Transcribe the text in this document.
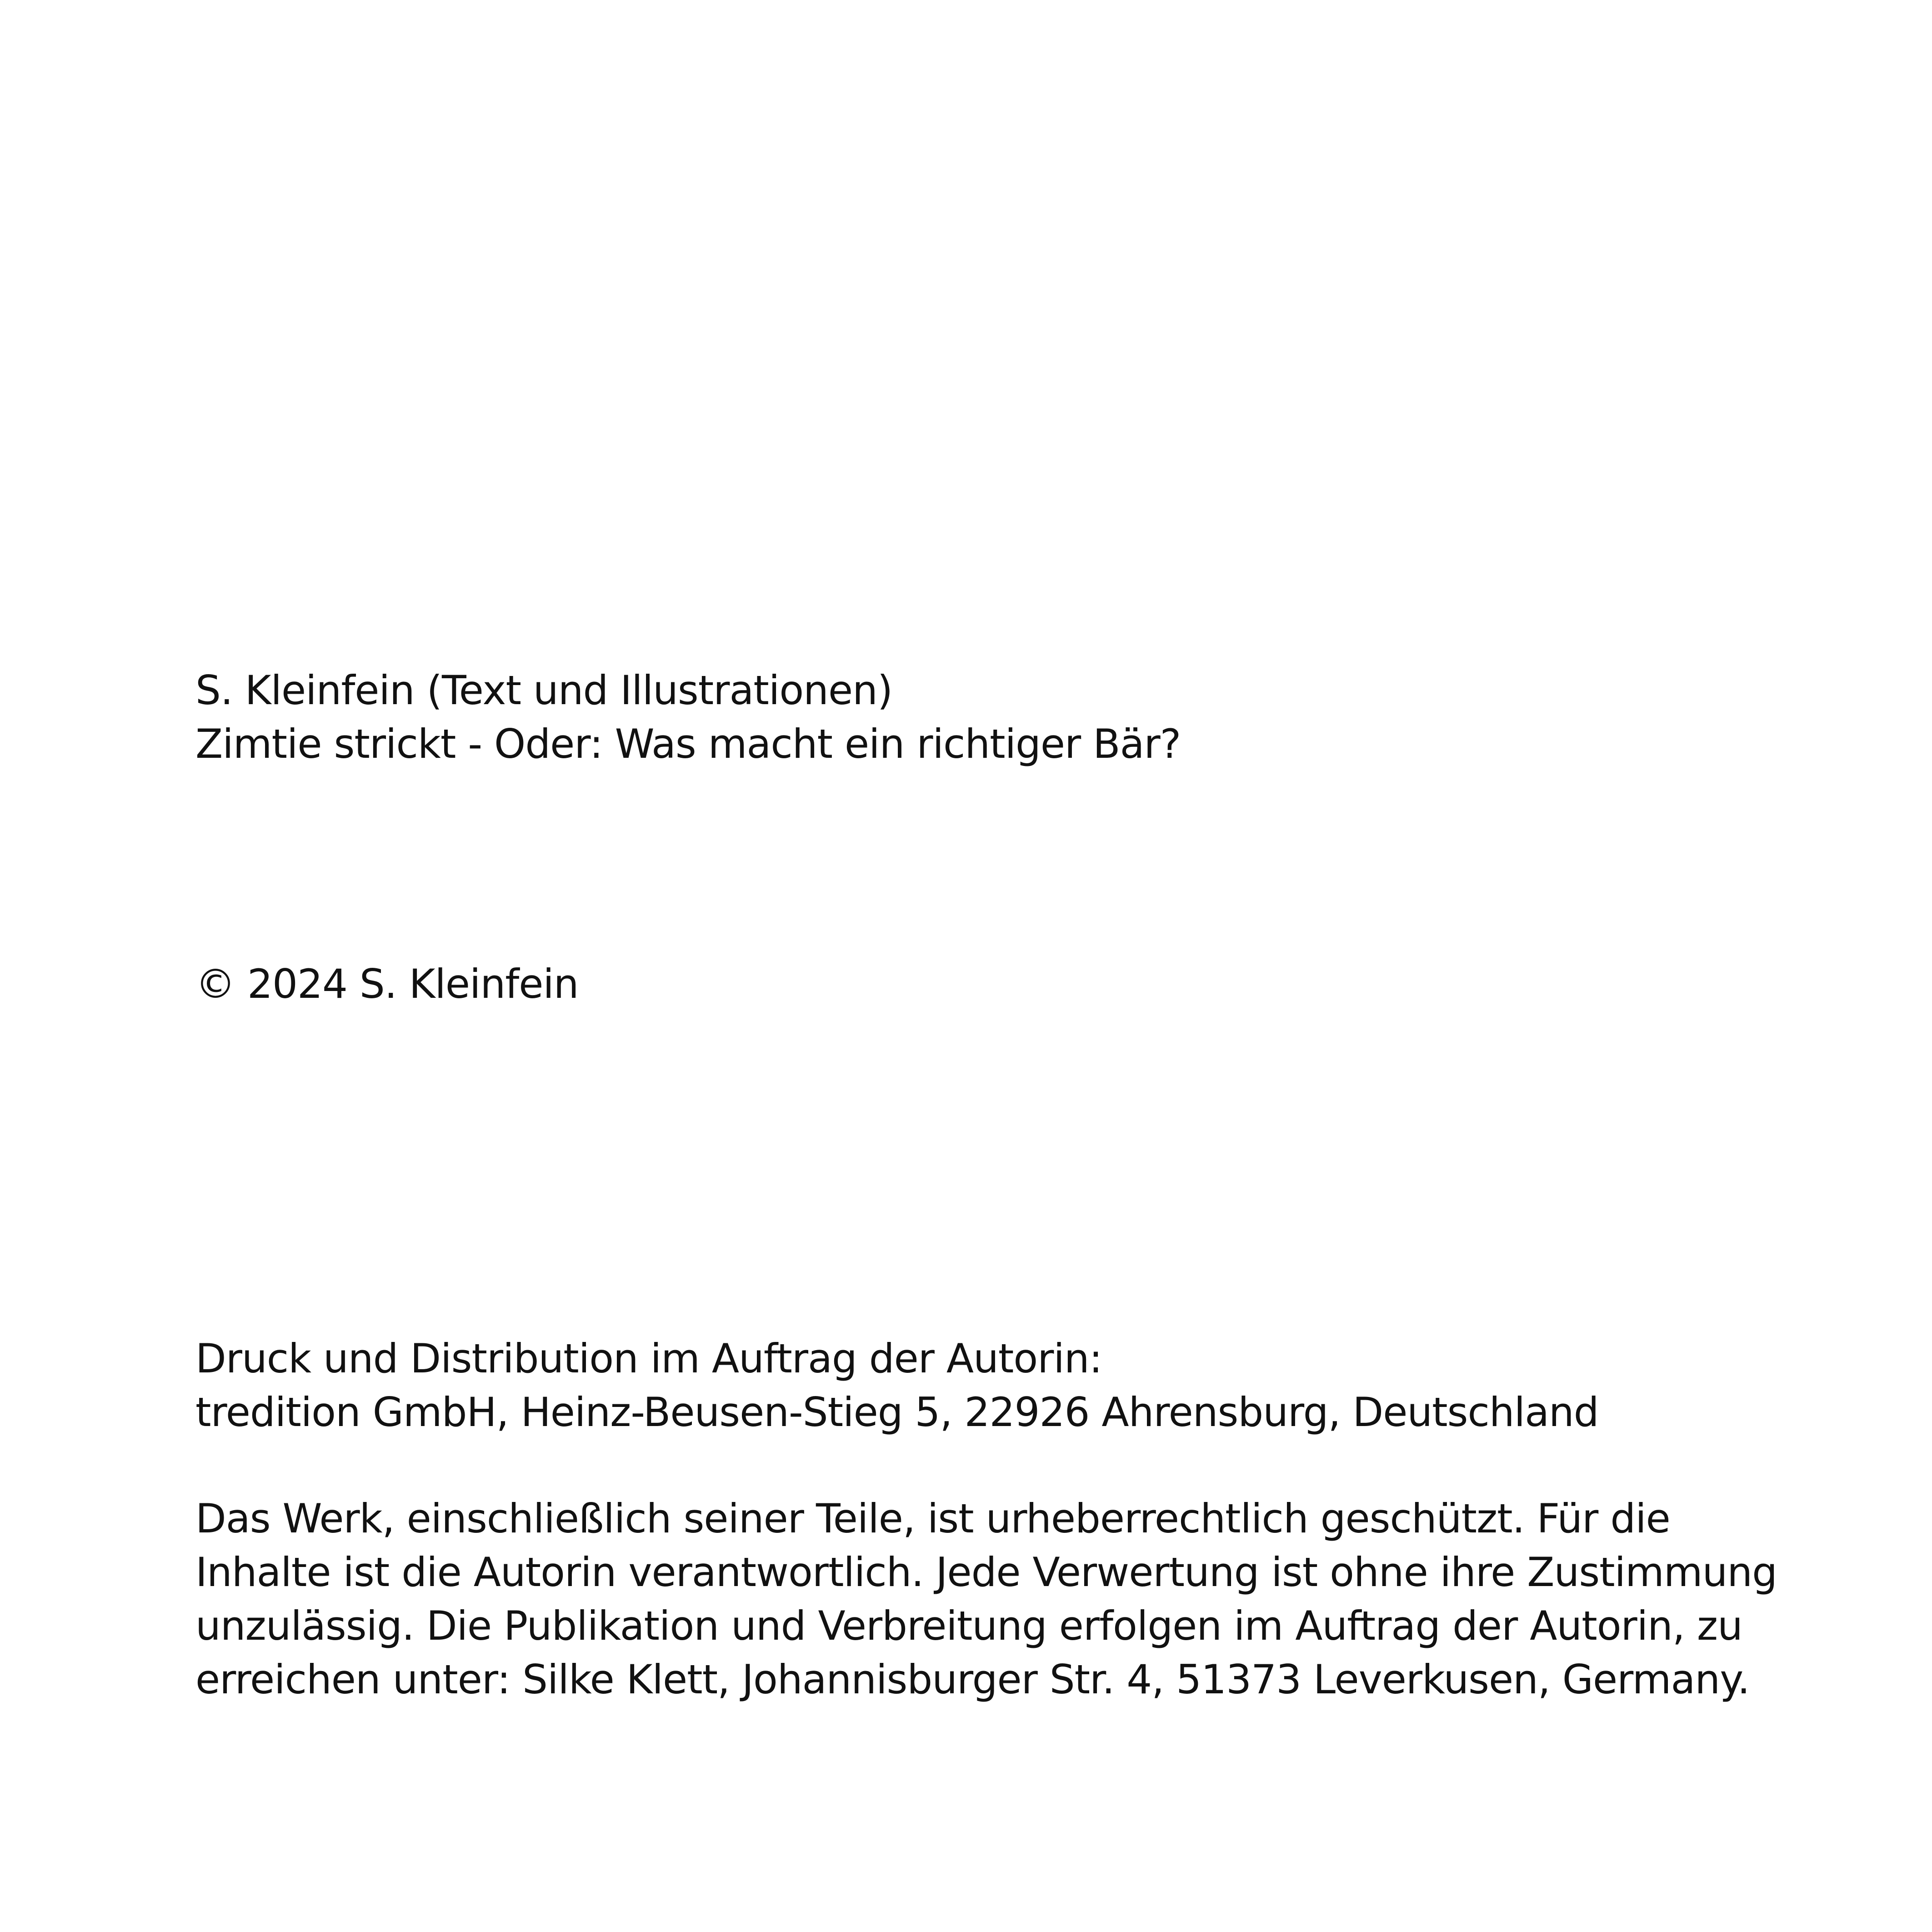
S. Kleinfein (Text und Illustrationen)
Zimtie strickt - Oder: Was macht ein richtiger Bär?
© 2024 S. Kleinfein
Druck und Distribution im Auftrag der Autorin:
tredition GmbH, Heinz-Beusen-Stieg 5, 22926 Ahrensburg, Deutschland
Das Werk, einschließlich seiner Teile, ist urheberrechtlich geschützt. Für die
Inhalte ist die Autorin verantwortlich. Jede Verwertung ist ohne ihre Zustimmung
unzulässig. Die Publikation und Verbreitung erfolgen im Auftrag der Autorin, zu
erreichen unter: Silke Klett, Johannisburger Str. 4, 51373 Leverkusen, Germany.
